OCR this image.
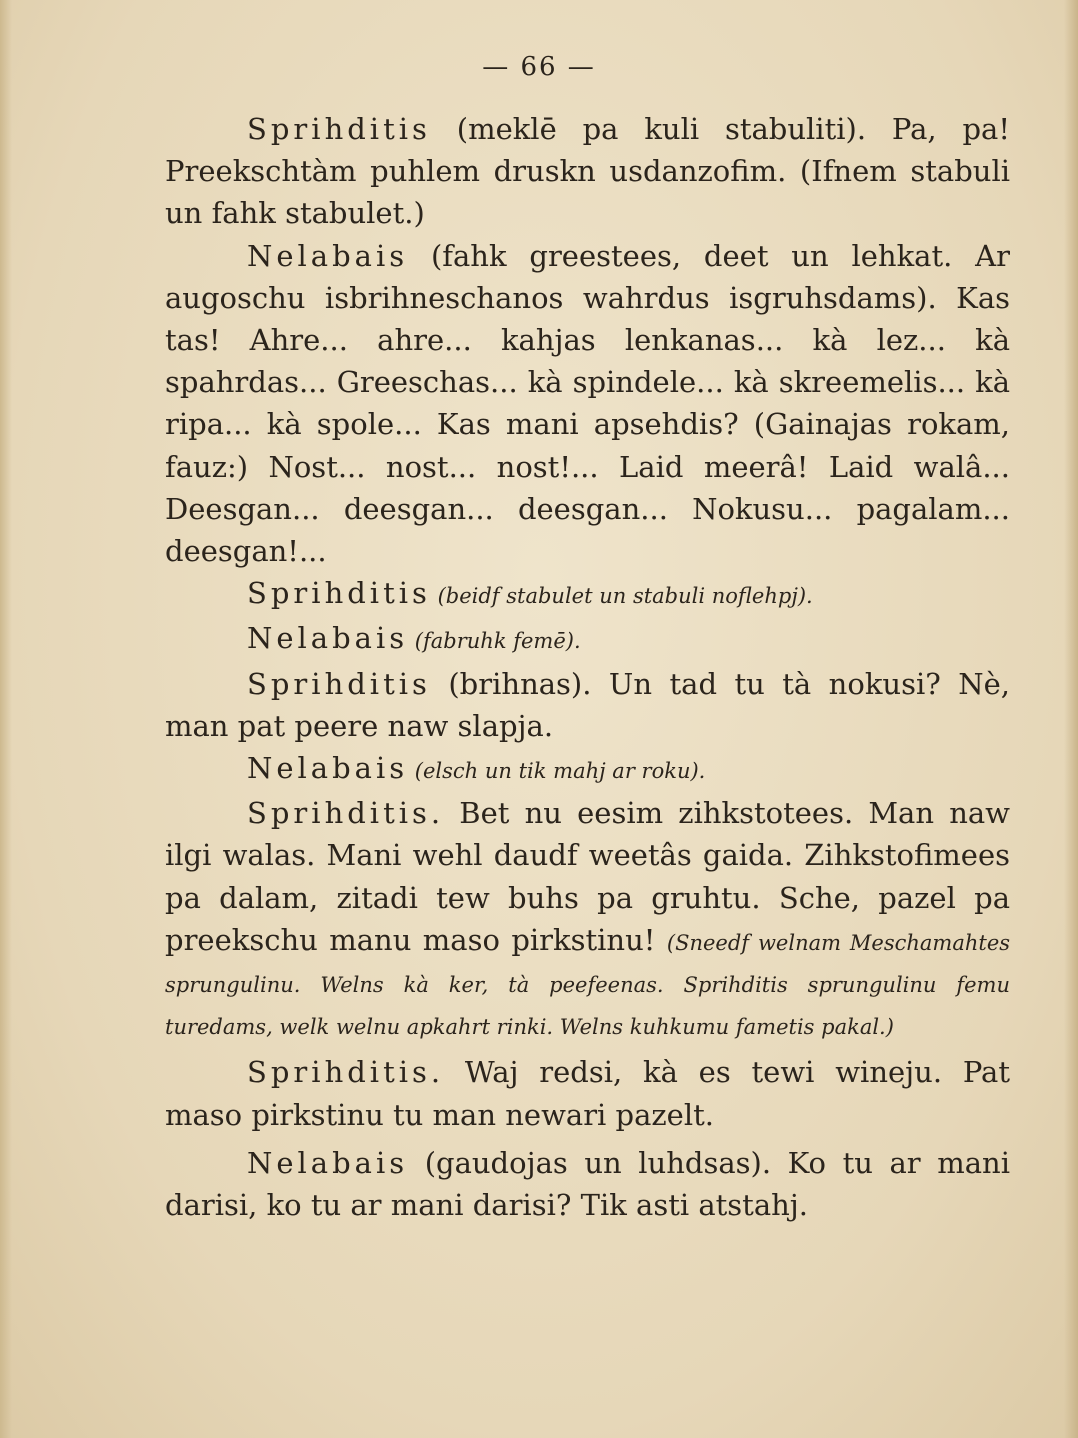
— 66 —

Sprihditis (meklē pa kuli stabuliti). Pa, pa! Preekschtàm puhlem druskn usdanzofim. (Ifnem stabuli un fahk stabulet.)

Nelabais (fahk greestees, deet un lehkat. Ar augoschu isbrihneschanos wahrdus isgruhsdams). Kas tas! Ahre... ahre... kahjas lenkanas... kà lez... kà spahrdas... Greeschas... kà spindele... kà skreemelis... kà ripa... kà spole... Kas mani apsehdis? (Gainajas rokam, fauz:) Nost... nost... nost!... Laid meerâ! Laid walâ... Deesgan... deesgan... deesgan... Nokusu... pagalam... deesgan!...

Sprihditis (beidf stabulet un stabuli noflehpj).

Nelabais (fabruhk femē).

Sprihditis (brihnas). Un tad tu tà nokusi? Nè, man pat peere naw slapja.

Nelabais (elsch un tik mahj ar roku).

Sprihditis. Bet nu eesim zihkstotees. Man naw ilgi walas. Mani wehl daudf weetâs gaida. Zihkstofimees pa dalam, zitadi tew buhs pa gruhtu. Sche, pazel pa preekschu manu maso pirkstinu! (Sneedf welnam Meschamahtes sprungulinu. Welns kà ker, tà peefeenas. Sprihditis sprungulinu femu turedams, welk welnu apkahrt rinki. Welns kuhkumu fametis pakal.)

Sprihditis. Waj redsi, kà es tewi wineju. Pat maso pirkstinu tu man newari pazelt.

Nelabais (gaudojas un luhdsas). Ko tu ar mani darisi, ko tu ar mani darisi? Tik asti atstahj.
